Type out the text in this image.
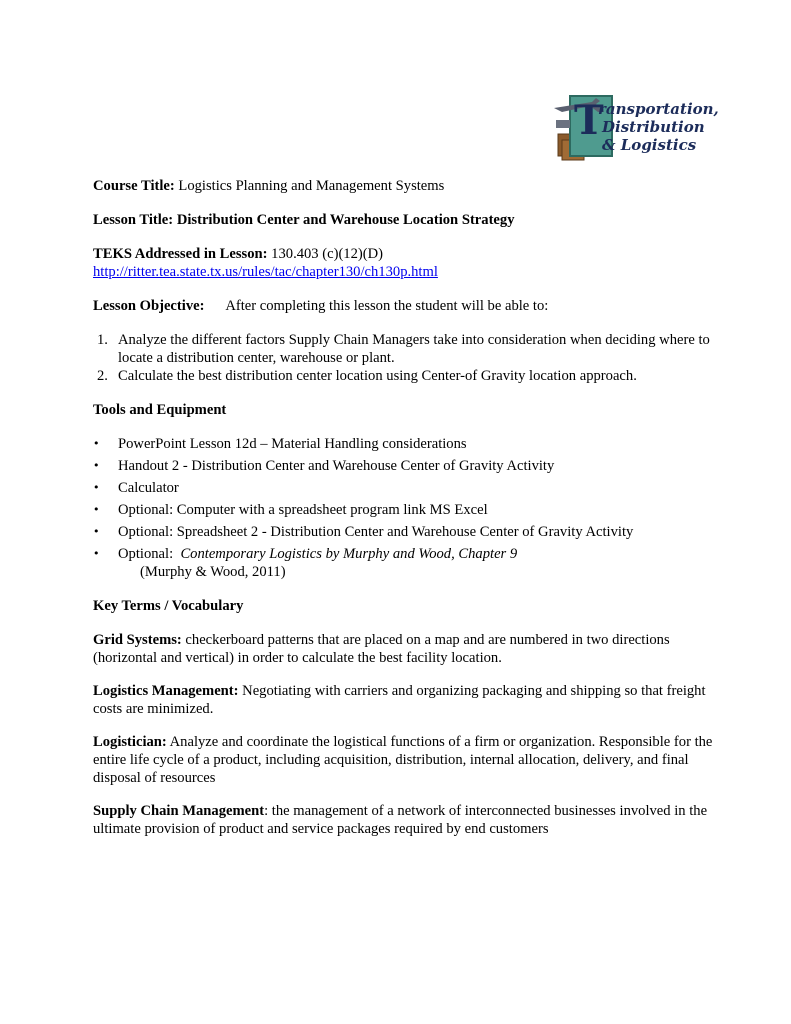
T
ransportation,
Distribution
& Logistics

Course Title: Logistics Planning and Management Systems

Lesson Title: Distribution Center and Warehouse Location Strategy

TEKS Addressed in Lesson: 130.403 (c)(12)(D)
http://ritter.tea.state.tx.us/rules/tac/chapter130/ch130p.html

Lesson Objective: After completing this lesson the student will be able to:

1. Analyze the different factors Supply Chain Managers take into consideration when deciding where to locate a distribution center, warehouse or plant.
2. Calculate the best distribution center location using Center-of Gravity location approach.

Tools and Equipment

• PowerPoint Lesson 12d – Material Handling considerations
• Handout 2 - Distribution Center and Warehouse Center of Gravity Activity
• Calculator
• Optional: Computer with a spreadsheet program link MS Excel
• Optional: Spreadsheet 2 - Distribution Center and Warehouse Center of Gravity Activity
• Optional: Contemporary Logistics by Murphy and Wood, Chapter 9
(Murphy & Wood, 2011)

Key Terms / Vocabulary

Grid Systems: checkerboard patterns that are placed on a map and are numbered in two directions (horizontal and vertical) in order to calculate the best facility location.

Logistics Management: Negotiating with carriers and organizing packaging and shipping so that freight costs are minimized.

Logistician: Analyze and coordinate the logistical functions of a firm or organization. Responsible for the entire life cycle of a product, including acquisition, distribution, internal allocation, delivery, and final disposal of resources

Supply Chain Management: the management of a network of interconnected businesses involved in the ultimate provision of product and service packages required by end customers
